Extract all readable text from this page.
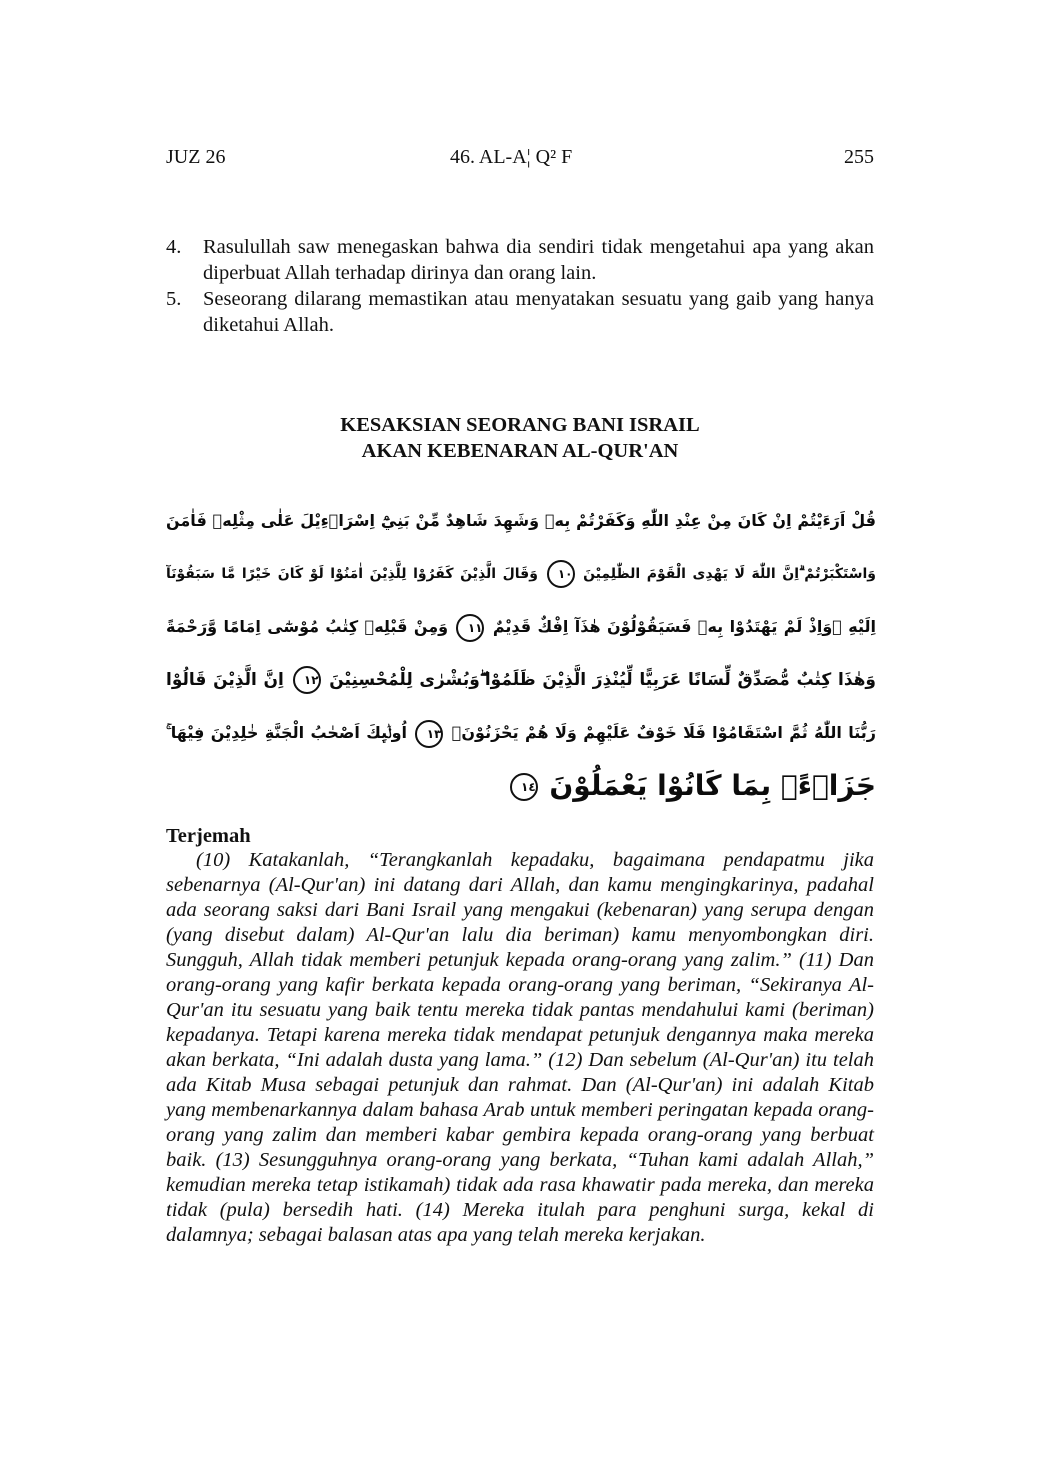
JUZ 26	46. AL-A¦ Q² F	255

4.	Rasulullah saw menegaskan bahwa dia sendiri tidak mengetahui apa yang akan diperbuat Allah terhadap dirinya dan orang lain.

5.	Seseorang dilarang memastikan atau menyatakan sesuatu yang gaib yang hanya diketahui Allah.

KESAKSIAN SEORANG BANI ISRAIL
AKAN KEBENARAN AL-QUR'AN
قُلْ اَرَءَيْتُمْ اِنْ كَانَ مِنْ عِنْدِ اللّٰهِ وَكَفَرْتُمْ بِهٖ وَشَهِدَ شَاهِدٌ مِّنْ بَنِيْٓ اِسْرَاۤءِيْلَ عَلٰى مِثْلِهٖ فَاٰمَنَ
وَاسْتَكْبَرْتُمْ ۗاِنَّ اللّٰهَ لَا يَهْدِى الْقَوْمَ الظّٰلِمِيْنَ ١٠ وَقَالَ الَّذِيْنَ كَفَرُوْا لِلَّذِيْنَ اٰمَنُوْا لَوْ كَانَ خَيْرًا مَّا سَبَقُوْنَآ
اِلَيْهِ ۗوَاِذْ لَمْ يَهْتَدُوْا بِهٖ فَسَيَقُوْلُوْنَ هٰذَآ اِفْكٌ قَدِيْمٌ ١١ وَمِنْ قَبْلِهٖ كِتٰبُ مُوْسٰٓى اِمَامًا وَّرَحْمَةً
وَهٰذَا كِتٰبٌ مُّصَدِّقٌ لِّسَانًا عَرَبِيًّا لِّيُنْذِرَ الَّذِيْنَ ظَلَمُوْا ۖوَبُشْرٰى لِلْمُحْسِنِيْنَ ١٢ اِنَّ الَّذِيْنَ قَالُوْا
رَبُّنَا اللّٰهُ ثُمَّ اسْتَقَامُوْا فَلَا خَوْفٌ عَلَيْهِمْ وَلَا هُمْ يَحْزَنُوْنَۚ ١٣ اُولٰۤىِٕكَ اَصْحٰبُ الْجَنَّةِ خٰلِدِيْنَ فِيْهَا ۚ
جَزَاۤءًۢ بِمَا كَانُوْا يَعْمَلُوْنَ ١٤
Terjemah

(10) Katakanlah, “Terangkanlah kepadaku, bagaimana pendapatmu jika sebenarnya (Al-Qur'an) ini datang dari Allah, dan kamu mengingkarinya, padahal ada seorang saksi dari Bani Israil yang mengakui (kebenaran) yang serupa dengan (yang disebut dalam) Al-Qur'an lalu dia beriman) kamu menyombongkan diri. Sungguh, Allah tidak memberi petunjuk kepada orang-orang yang zalim.” (11) Dan orang-orang yang kafir berkata kepada orang-orang yang beriman, “Sekiranya Al-Qur'an itu sesuatu yang baik tentu mereka tidak pantas mendahului kami (beriman) kepadanya. Tetapi karena mereka tidak mendapat petunjuk dengannya maka mereka akan berkata, “Ini adalah dusta yang lama.” (12) Dan sebelum (Al-Qur'an) itu telah ada Kitab Musa sebagai petunjuk dan rahmat. Dan (Al-Qur'an) ini adalah Kitab yang membenarkannya dalam bahasa Arab untuk memberi peringatan kepada orang-orang yang zalim dan memberi kabar gembira kepada orang-orang yang berbuat baik. (13) Sesungguhnya orang-orang yang berkata, “Tuhan kami adalah Allah,” kemudian mereka tetap istikamah) tidak ada rasa khawatir pada mereka, dan mereka tidak (pula) bersedih hati. (14) Mereka itulah para penghuni surga, kekal di dalamnya; sebagai balasan atas apa yang telah mereka kerjakan.
